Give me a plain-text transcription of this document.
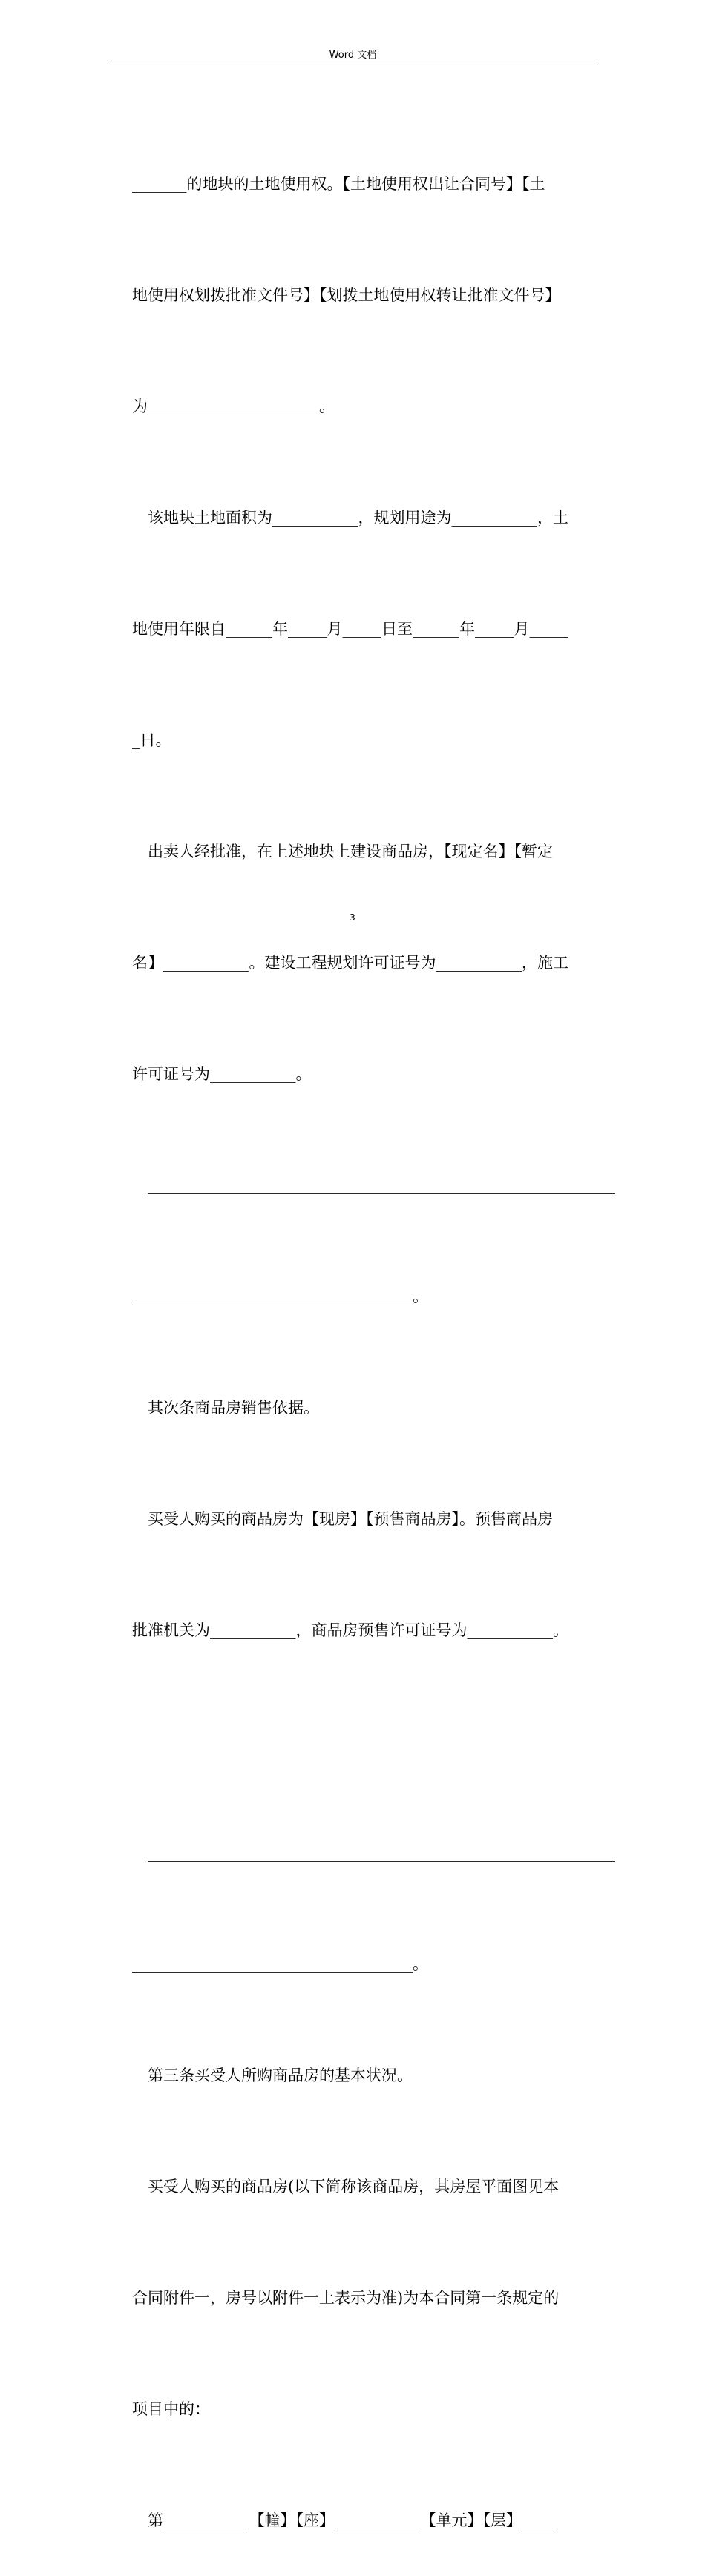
Word 文档

_______的地块的土地使用权。【土地使用权出让合同号】【土

地使用权划拨批准文件号】【划拨土地使用权转让批准文件号】

为______________________。

该地块土地面积为___________，规划用途为___________，土

地使用年限自______年_____月_____日至______年_____月_____

_日。

出卖人经批准，在上述地块上建设商品房，【现定名】【暂定

名】___________。建设工程规划许可证号为___________，施工

许可证号为___________。

____________________________________________________________

____________________________________。

其次条商品房销售依据。

买受人购买的商品房为【现房】【预售商品房】。预售商品房

批准机关为___________，商品房预售许可证号为___________。

____________________________________________________________

____________________________________。

第三条买受人所购商品房的基本状况。

买受人购买的商品房(以下简称该商品房，其房屋平面图见本

合同附件一，房号以附件一上表示为准)为本合同第一条规定的

项目中的：

第___________【幢】【座】___________【单元】【层】____

3
